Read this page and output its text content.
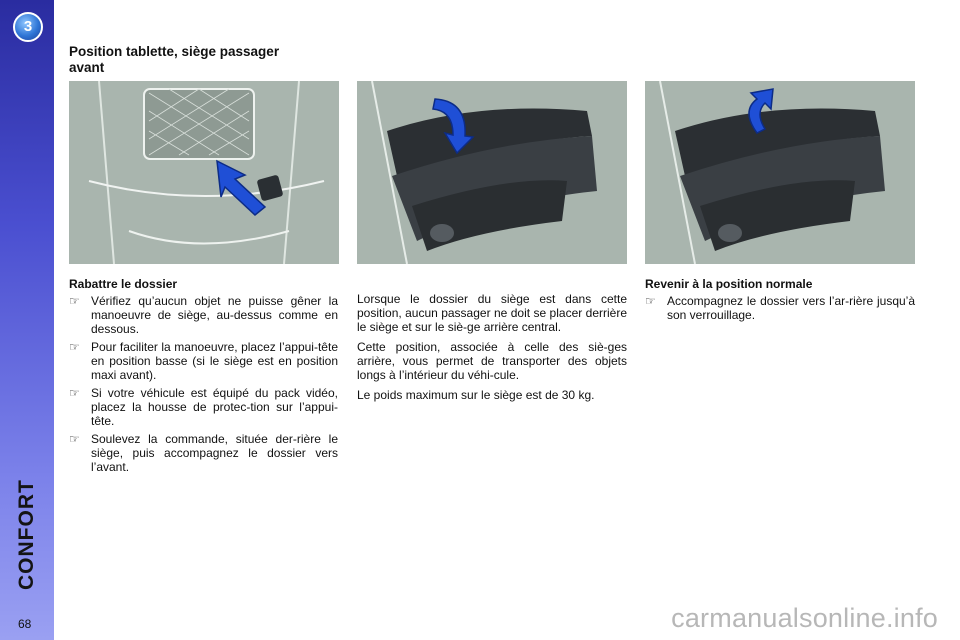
3
CONFORT
68
Position tablette, siège passager avant
Rabattre le dossier
☞ Vérifiez qu’aucun objet ne puisse gêner la manoeuvre de siège, au-dessus comme en dessous.
☞ Pour faciliter la manoeuvre, placez l’appui-tête en position basse (si le siège est en position maxi avant).
☞ Si votre véhicule est équipé du pack vidéo, placez la housse de protec-tion sur l’appui-tête.
☞ Soulevez la commande, située der-rière le siège, puis accompagnez le dossier vers l’avant.

Lorsque le dossier du siège est dans cette position, aucun passager ne doit se placer derrière le siège et sur le siè-ge arrière central.

Cette position, associée à celle des siè-ges arrière, vous permet de transporter des objets longs à l’intérieur du véhi-cule.

Le poids maximum sur le siège est de 30 kg.

Revenir à la position normale
☞ Accompagnez le dossier vers l’ar-rière jusqu’à son verrouillage.
carmanualsonline.info
